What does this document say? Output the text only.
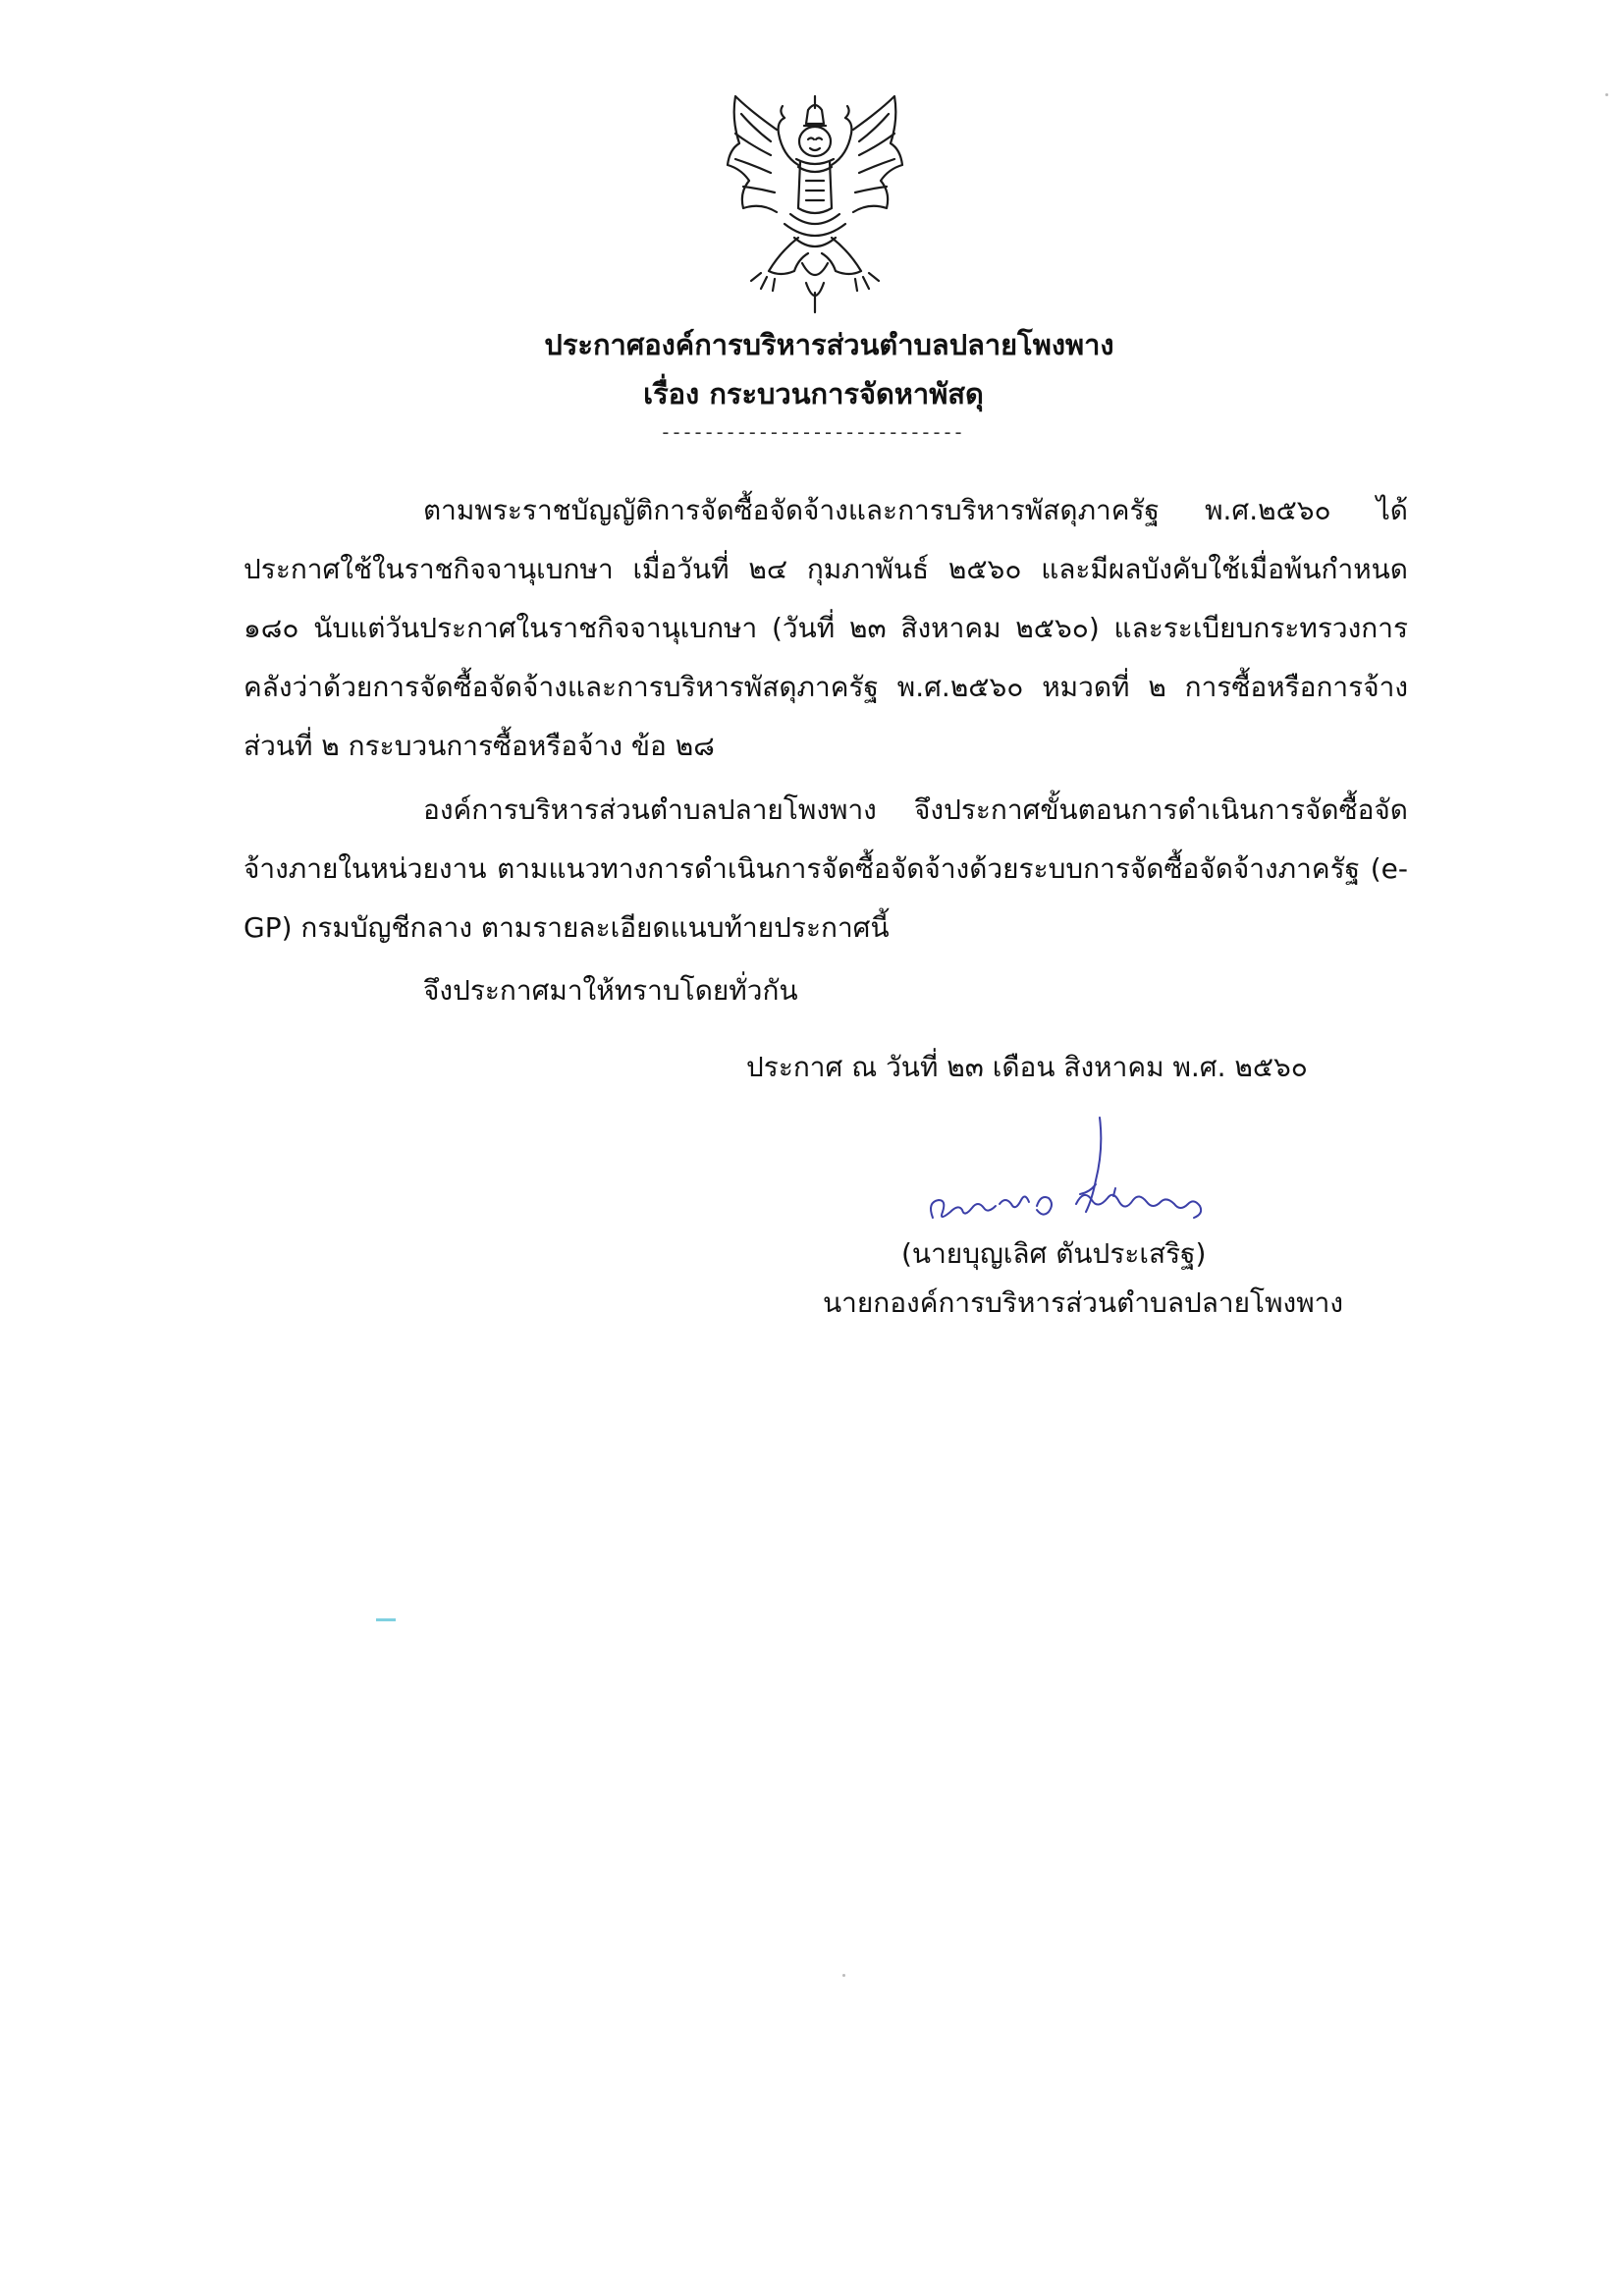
ประกาศองค์การบริหารส่วนตำบลปลายโพงพาง
เรื่อง กระบวนการจัดหาพัสดุ
----------------------------
ตามพระราชบัญญัติการจัดซื้อจัดจ้างและการบริหารพัสดุภาครัฐ พ.ศ.๒๕๖๐ ได้ประกาศใช้ในราชกิจจานุเบกษา เมื่อวันที่ ๒๔ กุมภาพันธ์ ๒๕๖๐ และมีผลบังคับใช้เมื่อพ้นกำหนด ๑๘๐ นับแต่วันประกาศในราชกิจจานุเบกษา (วันที่ ๒๓ สิงหาคม ๒๕๖๐) และระเบียบกระทรวงการคลังว่าด้วยการจัดซื้อจัดจ้างและการบริหารพัสดุภาครัฐ พ.ศ.๒๕๖๐ หมวดที่ ๒ การซื้อหรือการจ้าง ส่วนที่ ๒ กระบวนการซื้อหรือจ้าง ข้อ ๒๘
องค์การบริหารส่วนตำบลปลายโพงพาง จึงประกาศขั้นตอนการดำเนินการจัดซื้อจัดจ้างภายในหน่วยงาน ตามแนวทางการดำเนินการจัดซื้อจัดจ้างด้วยระบบการจัดซื้อจัดจ้างภาครัฐ (e-GP) กรมบัญชีกลาง ตามรายละเอียดแนบท้ายประกาศนี้
จึงประกาศมาให้ทราบโดยทั่วกัน
ประกาศ ณ วันที่ ๒๓ เดือน สิงหาคม พ.ศ. ๒๕๖๐
(นายบุญเลิศ ตันประเสริฐ)
นายกองค์การบริหารส่วนตำบลปลายโพงพาง
